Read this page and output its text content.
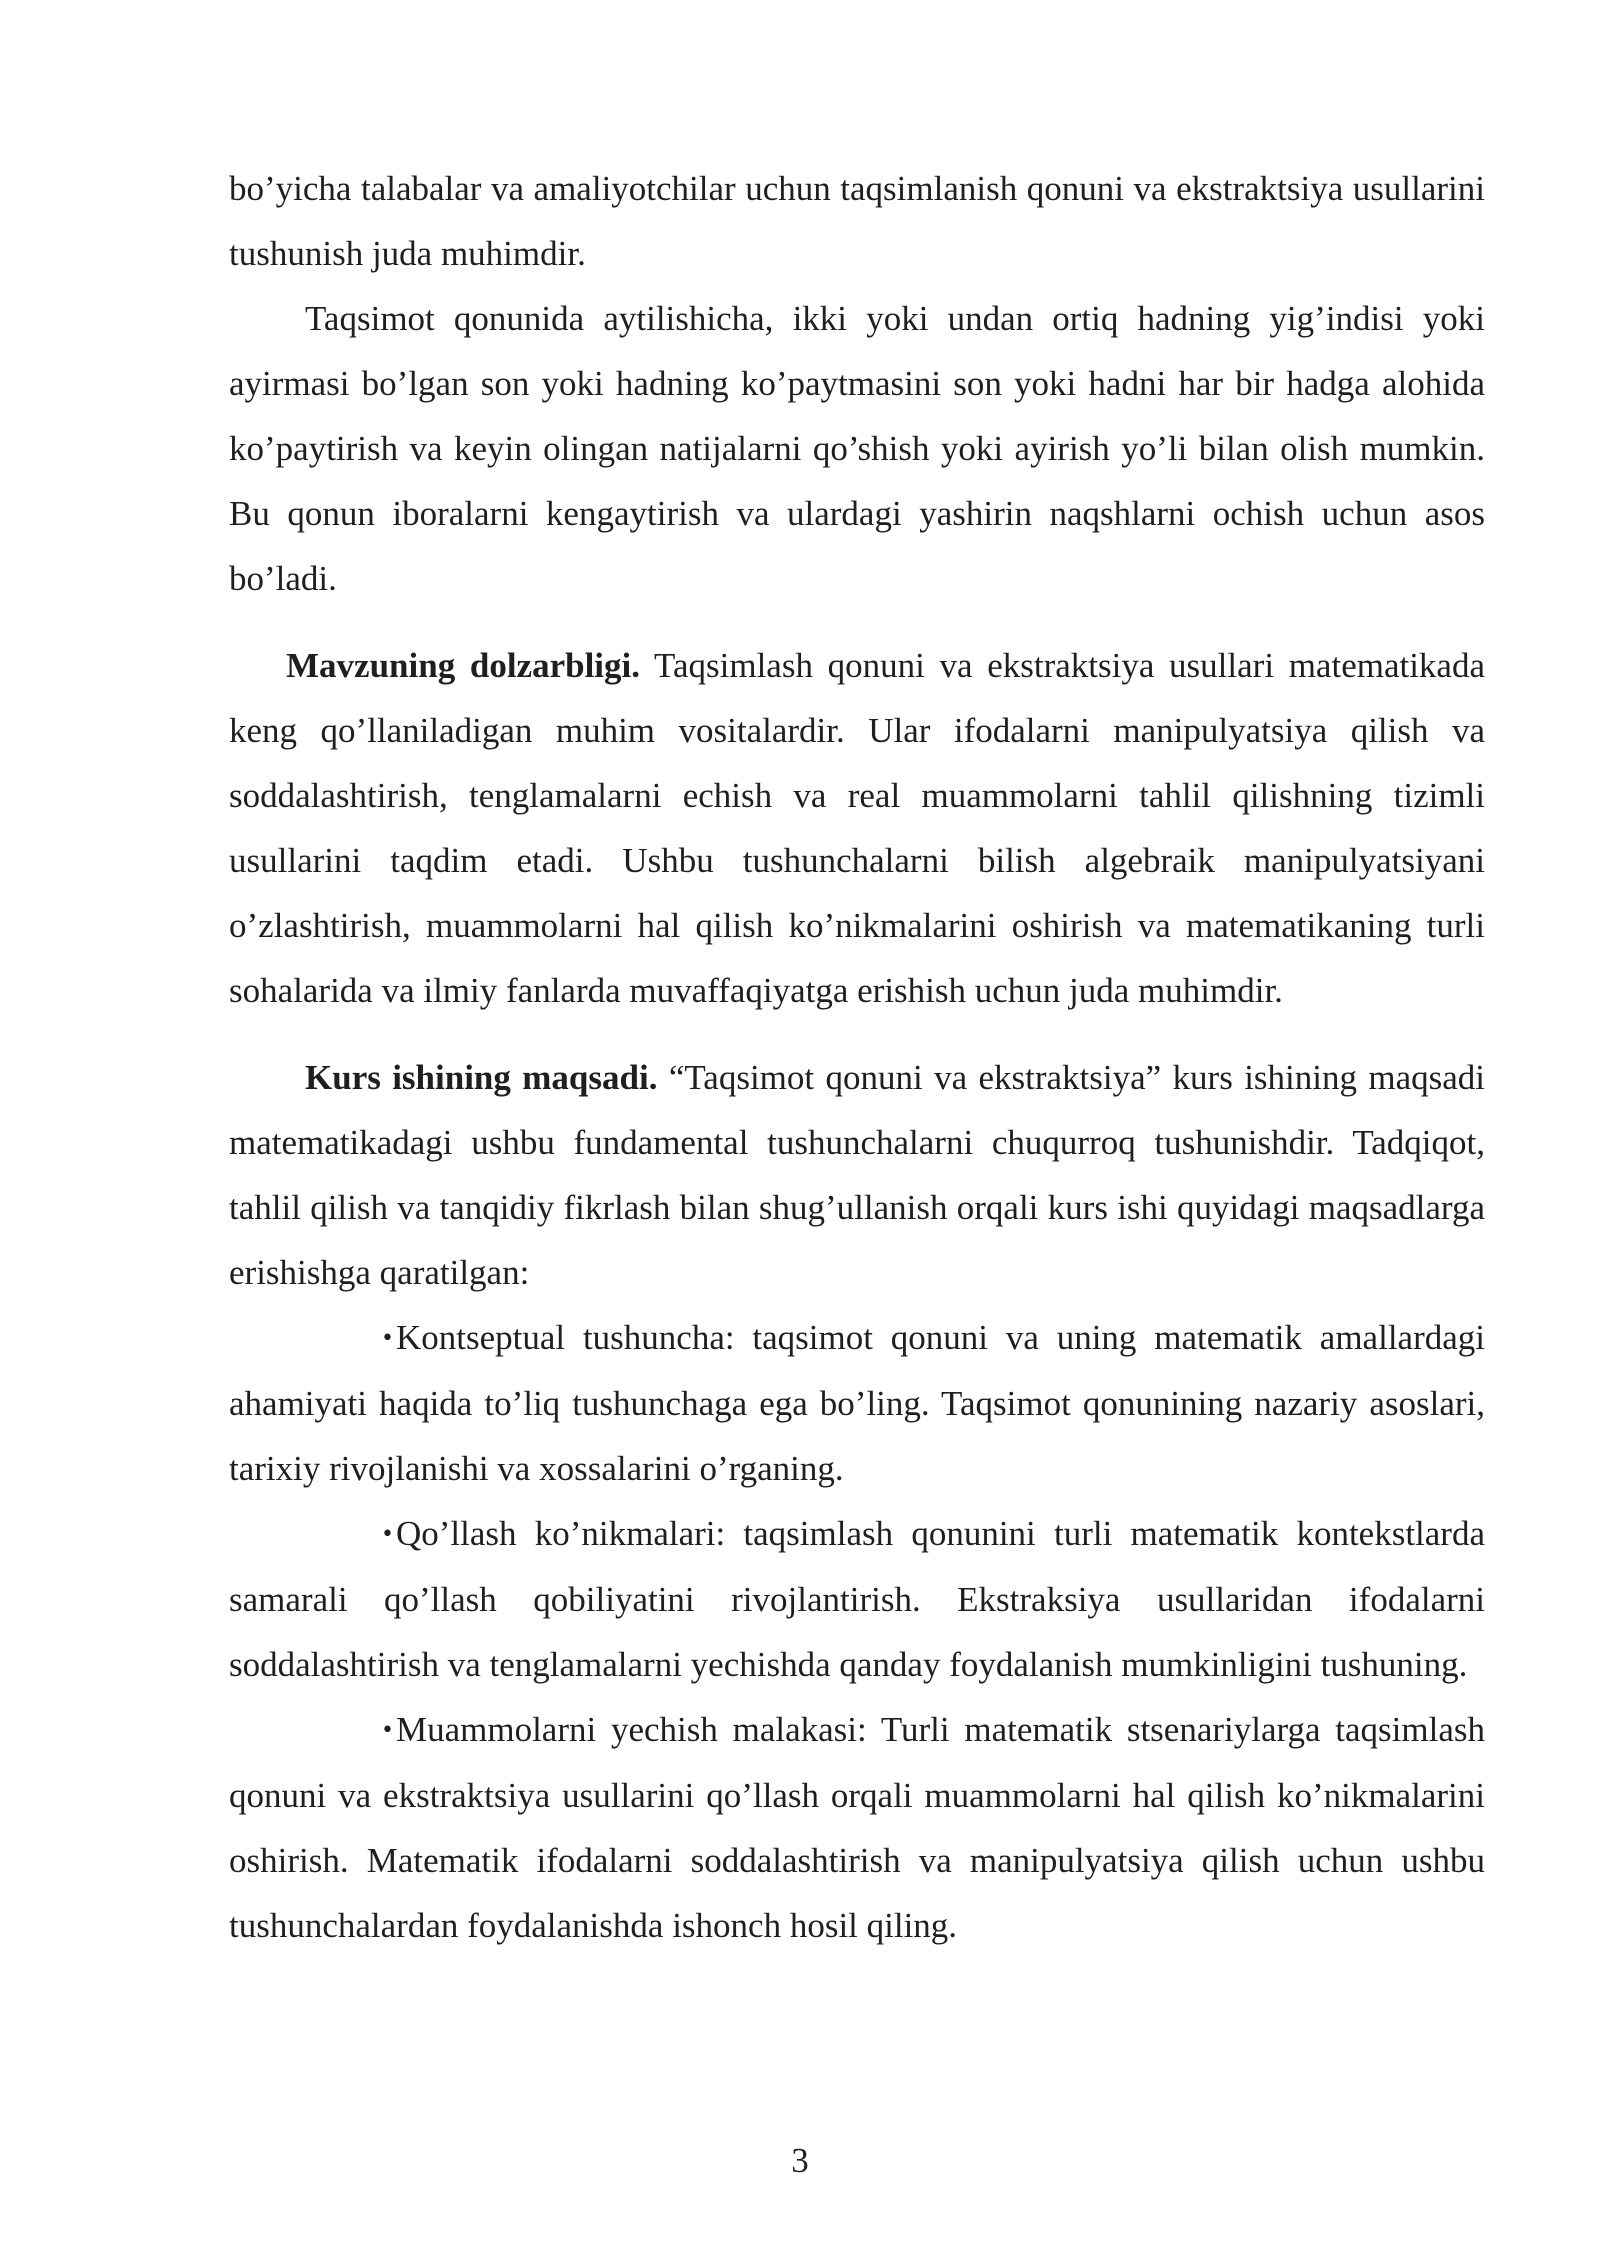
bo’yicha talabalar va amaliyotchilar uchun taqsimlanish qonuni va ekstraktsiya usullarini tushunish juda muhimdir.

Taqsimot qonunida aytilishicha, ikki yoki undan ortiq hadning yig’indisi yoki ayirmasi bo’lgan son yoki hadning ko’paytmasini son yoki hadni har bir hadga alohida ko’paytirish va keyin olingan natijalarni qo’shish yoki ayirish yo’li bilan olish mumkin. Bu qonun iboralarni kengaytirish va ulardagi yashirin naqshlarni ochish uchun asos bo’ladi.

Mavzuning dolzarbligi. Taqsimlash qonuni va ekstraktsiya usullari matematikada keng qo’llaniladigan muhim vositalardir. Ular ifodalarni manipulyatsiya qilish va soddalashtirish, tenglamalarni echish va real muammolarni tahlil qilishning tizimli usullarini taqdim etadi. Ushbu tushunchalarni bilish algebraik manipulyatsiyani o’zlashtirish, muammolarni hal qilish ko’nikmalarini oshirish va matematikaning turli sohalarida va ilmiy fanlarda muvaffaqiyatga erishish uchun juda muhimdir.

Kurs ishining maqsadi. “Taqsimot qonuni va ekstraktsiya” kurs ishining maqsadi matematikadagi ushbu fundamental tushunchalarni chuqurroq tushunishdir. Tadqiqot, tahlil qilish va tanqidiy fikrlash bilan shug’ullanish orqali kurs ishi quyidagi maqsadlarga erishishga qaratilgan:

•Kontseptual tushuncha: taqsimot qonuni va uning matematik amallardagi ahamiyati haqida to’liq tushunchaga ega bo’ling. Taqsimot qonunining nazariy asoslari, tarixiy rivojlanishi va xossalarini o’rganing.

•Qo’llash ko’nikmalari: taqsimlash qonunini turli matematik kontekstlarda samarali qo’llash qobiliyatini rivojlantirish. Ekstraksiya usullaridan ifodalarni soddalashtirish va tenglamalarni yechishda qanday foydalanish mumkinligini tushuning.

•Muammolarni yechish malakasi: Turli matematik stsenariylarga taqsimlash qonuni va ekstraktsiya usullarini qo’llash orqali muammolarni hal qilish ko’nikmalarini oshirish. Matematik ifodalarni soddalashtirish va manipulyatsiya qilish uchun ushbu tushunchalardan foydalanishda ishonch hosil qiling.

3
